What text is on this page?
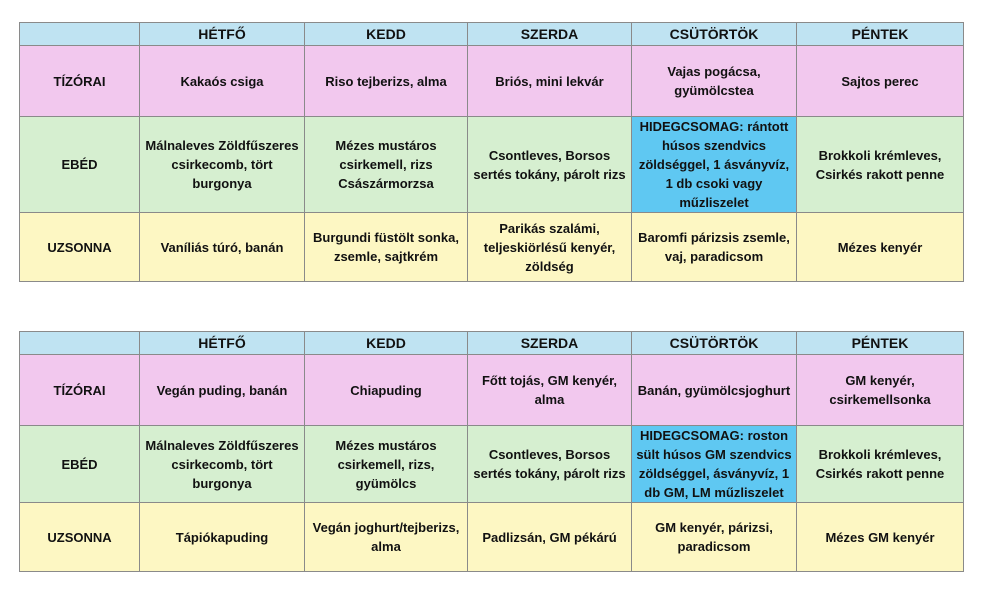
	HÉTFŐ	KEDD	SZERDA	CSÜTÖRTÖK	PÉNTEK
TÍZÓRAI	Kakaós csiga	Riso tejberizs, alma	Briós, mini lekvár	Vajas pogácsa, gyümölcstea	Sajtos perec
EBÉD	Málnaleves Zöldfűszeres csirkecomb, tört burgonya	Mézes mustáros csirkemell, rizs Császármorzsa	Csontleves, Borsos sertés tokány, párolt rizs	HIDEGCSOMAG: rántott húsos szendvics zöldséggel, 1 ásványvíz, 1 db csoki vagy műzliszelet	Brokkoli krémleves, Csirkés rakott penne
UZSONNA	Vaníliás túró, banán	Burgundi füstölt sonka, zsemle, sajtkrém	Parikás szalámi, teljeskiörlésű kenyér, zöldség	Baromfi párizsis zsemle, vaj, paradicsom	Mézes kenyér
	HÉTFŐ	KEDD	SZERDA	CSÜTÖRTÖK	PÉNTEK
TÍZÓRAI	Vegán puding, banán	Chiapuding	Főtt tojás, GM kenyér, alma	Banán, gyümölcsjoghurt	GM kenyér, csirkemellsonka
EBÉD	Málnaleves Zöldfűszeres csirkecomb, tört burgonya	Mézes mustáros csirkemell, rizs, gyümölcs	Csontleves, Borsos sertés tokány, párolt rizs	HIDEGCSOMAG: roston sült húsos GM szendvics zöldséggel, ásványvíz, 1 db GM, LM műzliszelet	Brokkoli krémleves, Csirkés rakott penne
UZSONNA	Tápiókapuding	Vegán joghurt/tejberizs, alma	Padlizsán, GM pékárú	GM kenyér, párizsi, paradicsom	Mézes GM kenyér
